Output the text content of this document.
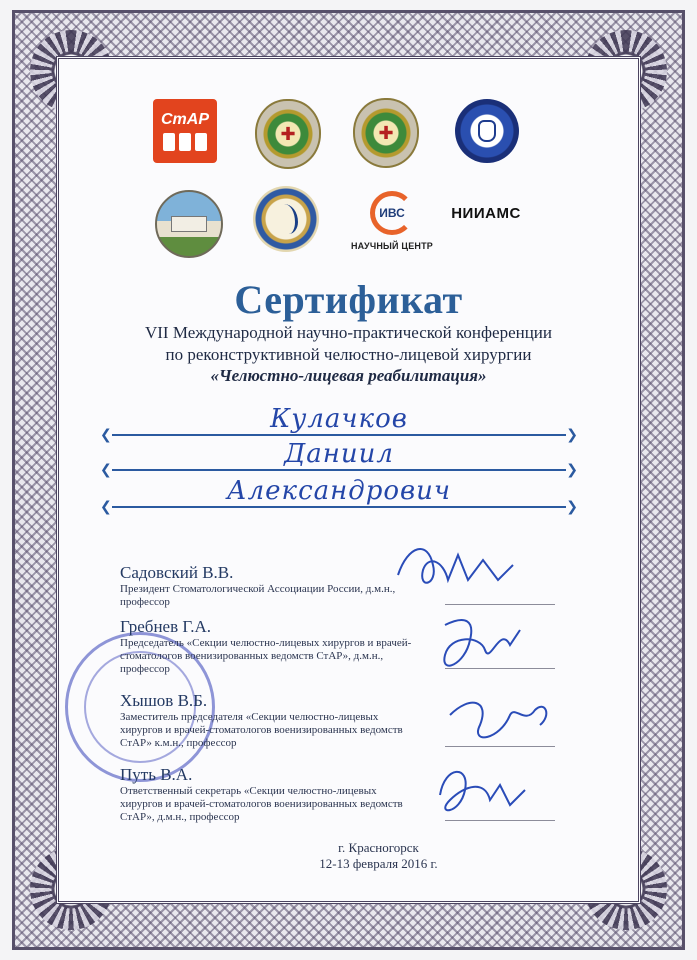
СтАР
✚	✚
ИВС
НАУЧНЫЙ ЦЕНТР
НИИАМС
Сертификат
VII Международной научно-практической конференции
по реконструктивной челюстно-лицевой хирургии
«Челюстно-лицевая реабилитация»
❮	❯
Кулачков
❮	❯
Даниил
❮	❯
Александрович
Садовский В.В.
Президент Стоматологической Ассоциации России, д.м.н., профессор
Гребнев Г.А.
Председатель «Секции челюстно-лицевых хирургов и врачей-стоматологов военизированных ведомств СтАР», д.м.н., профессор
Хышов В.Б.
Заместитель председателя «Секции челюстно-лицевых хирургов и врачей-стоматологов военизированных ведомств СтАР» к.м.н., профессор
Путь В.А.
Ответственный секретарь «Секции челюстно-лицевых хирургов и врачей-стоматологов военизированных ведомств СтАР», д.м.н., профессор
г. Красногорск
12-13 февраля 2016 г.
